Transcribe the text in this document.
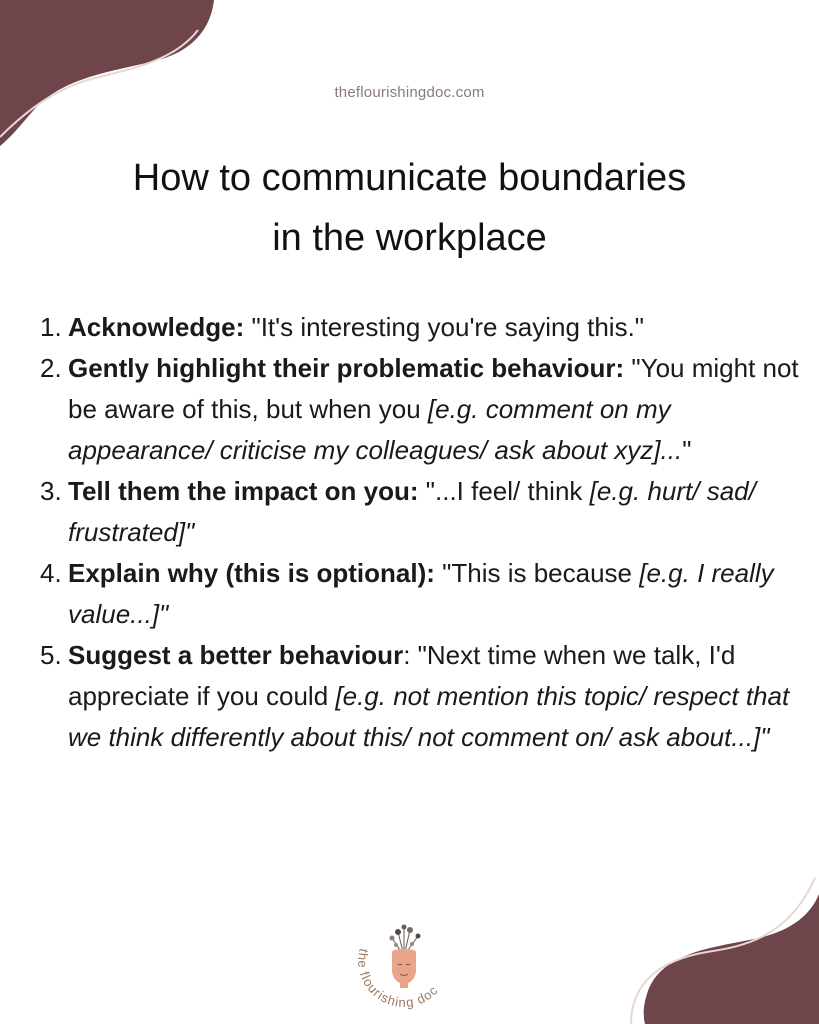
theflourishingdoc.com
How to communicate boundaries
in the workplace
1. Acknowledge: "It's interesting you're saying this."
2. Gently highlight their problematic behaviour: "You might not be aware of this, but when you [e.g. comment on my appearance/ criticise my colleagues/ ask about xyz]..."
3. Tell them the impact on you: "...I feel/ think [e.g. hurt/ sad/ frustrated]"
4. Explain why (this is optional): "This is because [e.g. I really value...]"
5. Suggest a better behaviour: "Next time when we talk, I'd appreciate if you could [e.g. not mention this topic/ respect that we think differently about this/ not comment on/ ask about...]"
the flourishing doc
